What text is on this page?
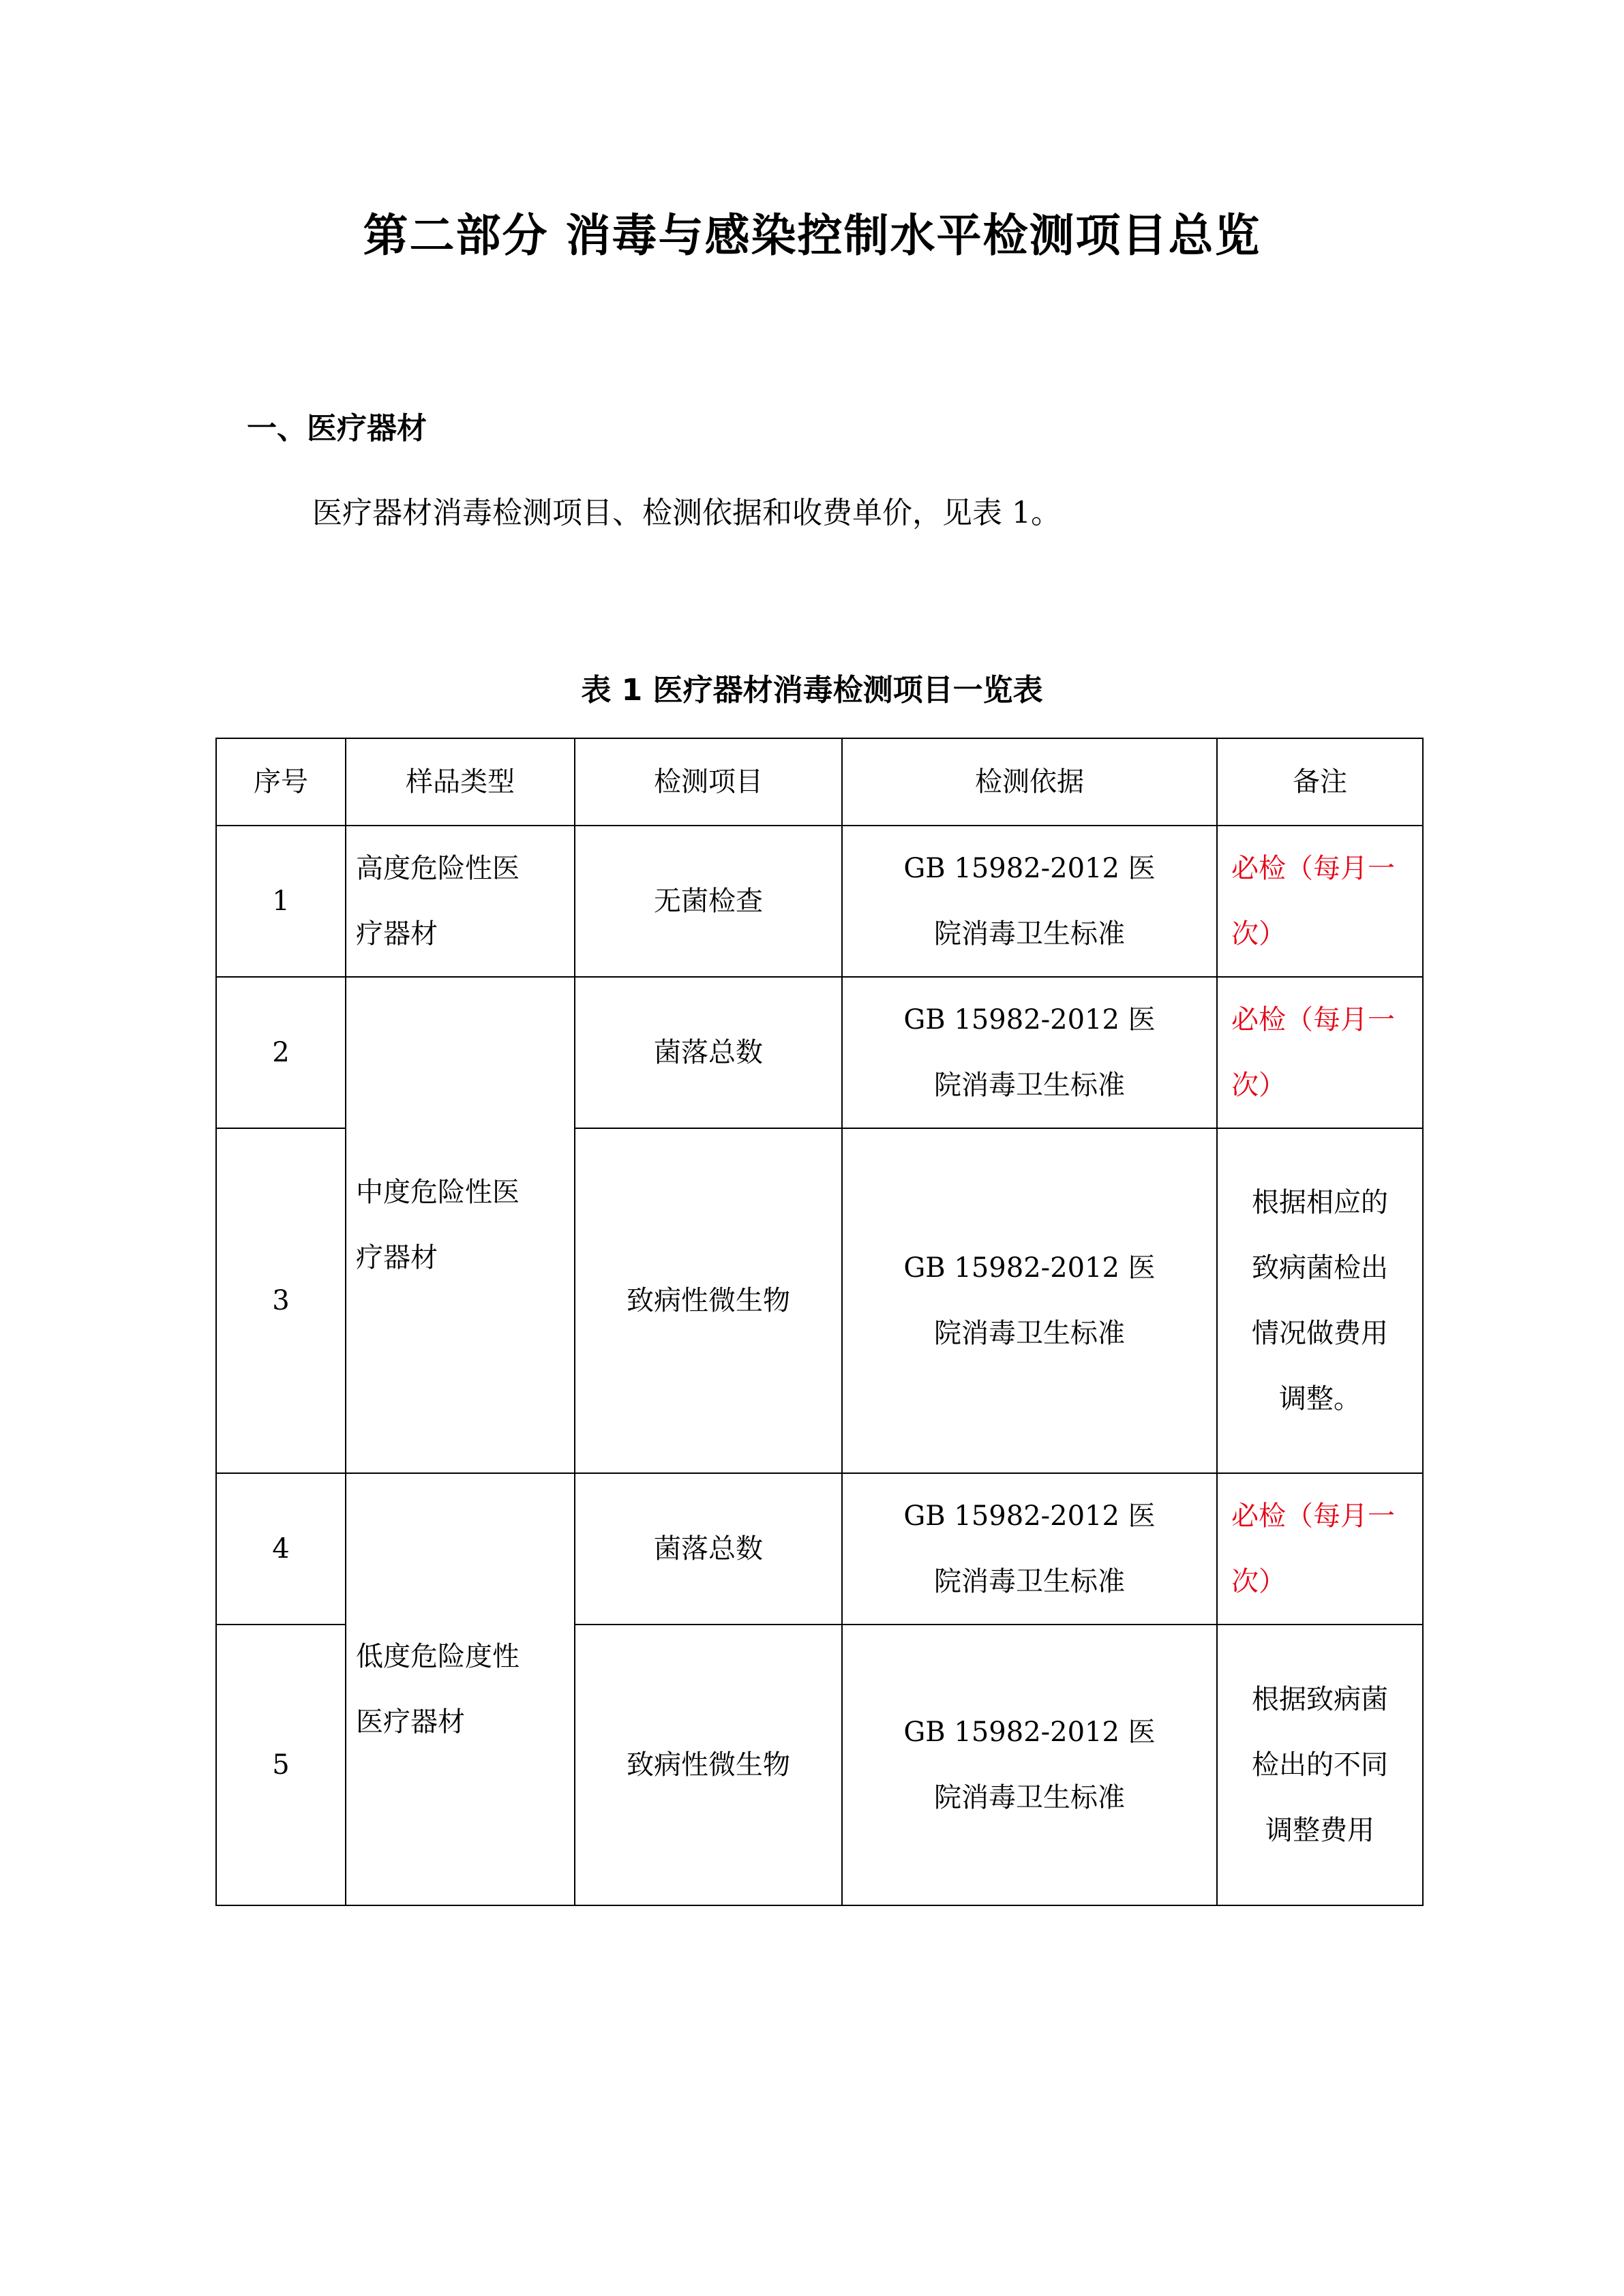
第二部分 消毒与感染控制水平检测项目总览
一、医疗器材

医疗器材消毒检测项目、检测依据和收费单价，见表 1。

表 1 医疗器材消毒检测项目一览表

序号	样品类型	检测项目	检测依据	备注
1	高度危险性医疗器材	无菌检查	GB 15982-2012 医院消毒卫生标准	必检（每月一次）
2	中度危险性医疗器材	菌落总数	GB 15982-2012 医院消毒卫生标准	必检（每月一次）
3		致病性微生物	GB 15982-2012 医院消毒卫生标准	根据相应的致病菌检出情况做费用调整。
4	低度危险度性医疗器材	菌落总数	GB 15982-2012 医院消毒卫生标准	必检（每月一次）
5		致病性微生物	GB 15982-2012 医院消毒卫生标准	根据致病菌检出的不同调整费用
